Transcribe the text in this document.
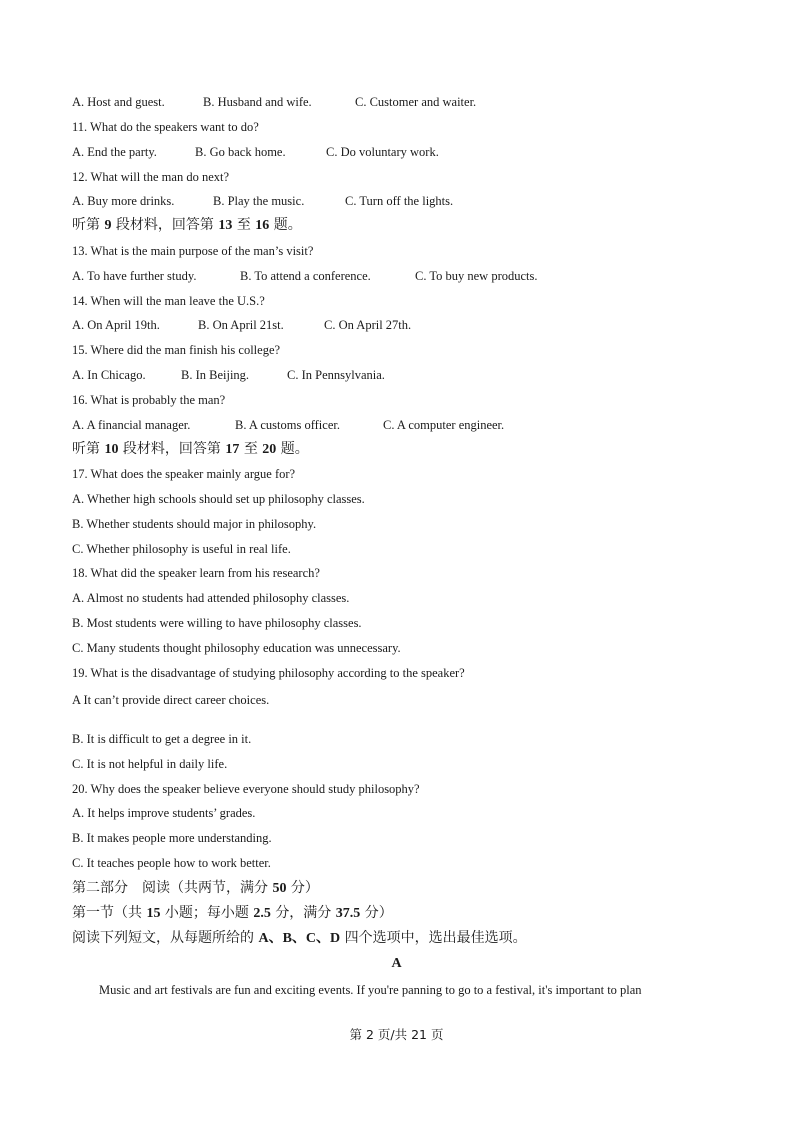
A. Host and guest.	B. Husband and wife.	C. Customer and waiter.
11. What do the speakers want to do?
A. End the party.	B. Go back home.	C. Do voluntary work.
12. What will the man do next?
A. Buy more drinks.	B. Play the music.	C. Turn off the lights.
听第 9 段材料，回答第 13 至 16 题。
13. What is the main purpose of the man’s visit?
A. To have further study.	B. To attend a conference.	C. To buy new products.
14. When will the man leave the U.S.?
A. On April 19th.	B. On April 21st.	C. On April 27th.
15. Where did the man finish his college?
A. In Chicago.	B. In Beijing.	C. In Pennsylvania.
16. What is probably the man?
A. A financial manager.	B. A customs officer.	C. A computer engineer.
听第 10 段材料，回答第 17 至 20 题。
17. What does the speaker mainly argue for?
A. Whether high schools should set up philosophy classes.
B. Whether students should major in philosophy.
C. Whether philosophy is useful in real life.
18. What did the speaker learn from his research?
A. Almost no students had attended philosophy classes.
B. Most students were willing to have philosophy classes.
C. Many students thought philosophy education was unnecessary.
19. What is the disadvantage of studying philosophy according to the speaker?
A It can’t provide direct career choices.
B. It is difficult to get a degree in it.
C. It is not helpful in daily life.
20. Why does the speaker believe everyone should study philosophy?
A. It helps improve students’ grades.
B. It makes people more understanding.
C. It teaches people how to work better.
第二部分　阅读（共两节，满分 50 分）
第一节（共 15 小题；每小题 2.5 分，满分 37.5 分）
阅读下列短文，从每题所给的 A、B、C、D 四个选项中，选出最佳选项。
A
Music and art festivals are fun and exciting events. If you're panning to go to a festival, it's important to plan
第 2 页/共 21 页
